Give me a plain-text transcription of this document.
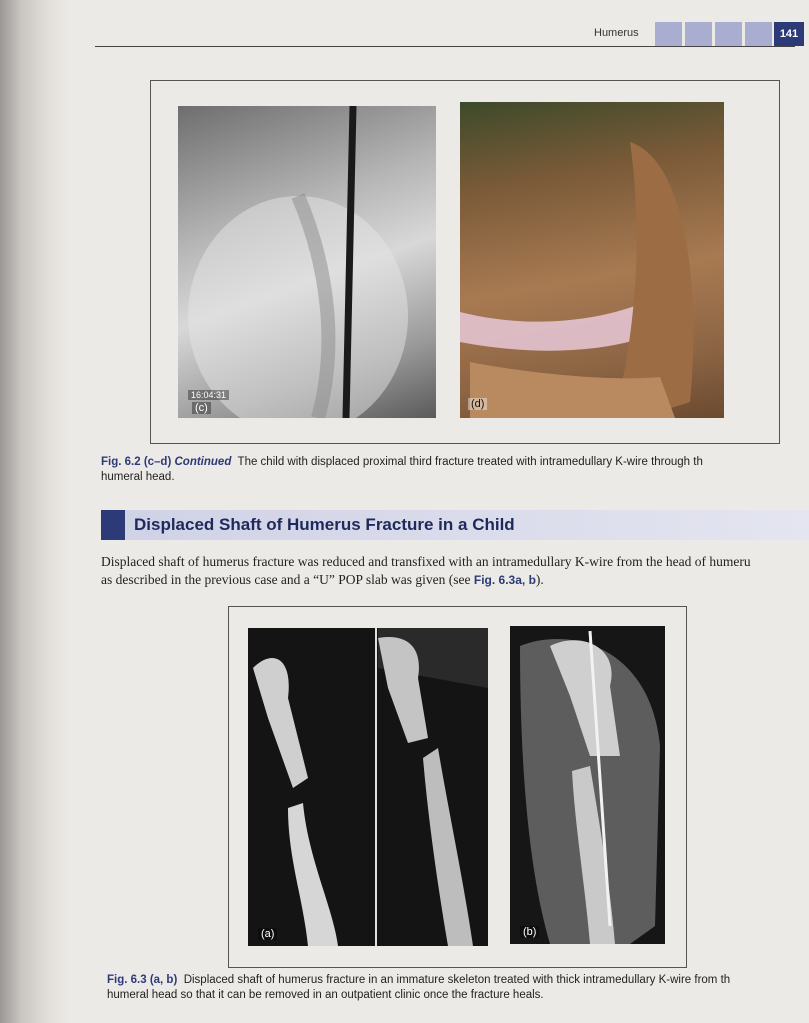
Humerus	141
(c)
16:04:31
(d)
Fig. 6.2 (c–d) Continued The child with displaced proximal third fracture treated with intramedullary K-wire through th
humeral head.
Displaced Shaft of Humerus Fracture in a Child
Displaced shaft of humerus fracture was reduced and transfixed with an intramedullary K-wire from the head of humeru
as described in the previous case and a “U” POP slab was given (see Fig. 6.3a, b).
(a)	(b)
Fig. 6.3 (a, b) Displaced shaft of humerus fracture in an immature skeleton treated with thick intramedullary K-wire from th
humeral head so that it can be removed in an outpatient clinic once the fracture heals.
